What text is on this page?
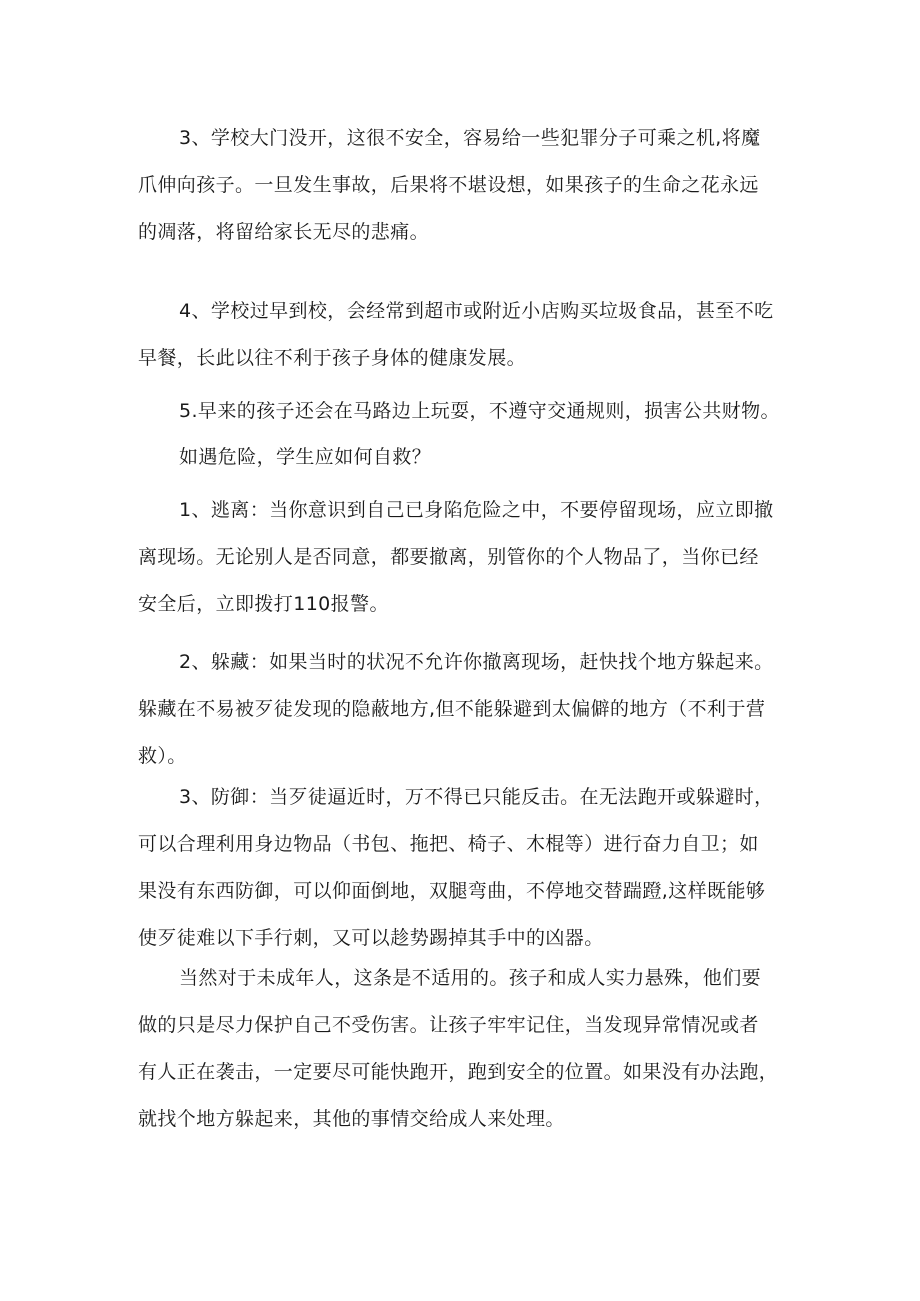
3、学校大门没开，这很不安全，容易给一些犯罪分子可乘之机,将魔
爪伸向孩子。一旦发生事故，后果将不堪设想，如果孩子的生命之花永远
的凋落，将留给家长无尽的悲痛。

4、学校过早到校，会经常到超市或附近小店购买垃圾食品，甚至不吃
早餐，长此以往不利于孩子身体的健康发展。

5.早来的孩子还会在马路边上玩耍，不遵守交通规则，损害公共财物。

如遇危险，学生应如何自救？

1、逃离：当你意识到自己已身陷危险之中，不要停留现场，应立即撤
离现场。无论别人是否同意，都要撤离，别管你的个人物品了，当你已经
安全后，立即拨打110报警。

2、躲藏：如果当时的状况不允许你撤离现场，赶快找个地方躲起来。
躲藏在不易被歹徒发现的隐蔽地方,但不能躲避到太偏僻的地方（不利于营
救）。

3、防御：当歹徒逼近时，万不得已只能反击。在无法跑开或躲避时，
可以合理利用身边物品（书包、拖把、椅子、木棍等）进行奋力自卫；如
果没有东西防御，可以仰面倒地，双腿弯曲，不停地交替踹蹬,这样既能够
使歹徒难以下手行刺，又可以趁势踢掉其手中的凶器。

当然对于未成年人，这条是不适用的。孩子和成人实力悬殊，他们要
做的只是尽力保护自己不受伤害。让孩子牢牢记住，当发现异常情况或者
有人正在袭击，一定要尽可能快跑开，跑到安全的位置。如果没有办法跑，
就找个地方躲起来，其他的事情交给成人来处理。
